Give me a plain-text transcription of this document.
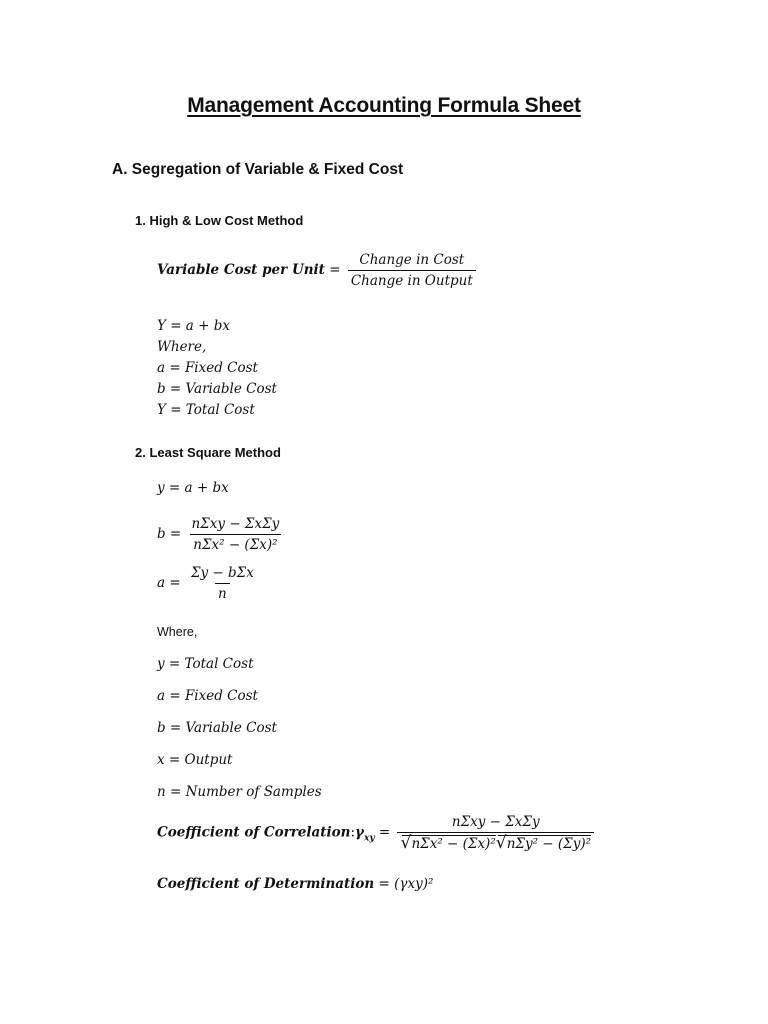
Management Accounting Formula Sheet
A. Segregation of Variable & Fixed Cost
1. High & Low Cost Method
Variable Cost per Unit = $\frac{\text{Change in Cost}}{\text{Change in Output}}$
Y = a + bx
Where,
a = Fixed Cost
b = Variable Cost
Y = Total Cost
2. Least Square Method
y = a + bx
$b = \frac{\text{nΣxy − ΣxΣy}}{\text{nΣx² − (Σx)²}}$
$a = \frac{\text{Σy − bΣx}}{n}$
Where,
y = Total Cost
a = Fixed Cost
b = Variable Cost
x = Output
n = Number of Samples
Coefficient of $Correlation:\gamma_{xy} = \frac{\text{nΣxy − ΣxΣy}}{\text{√ nΣx² − (Σx)² √ nΣy² − (Σy)²}}$
Coefficient of Determination = (γxy)²
